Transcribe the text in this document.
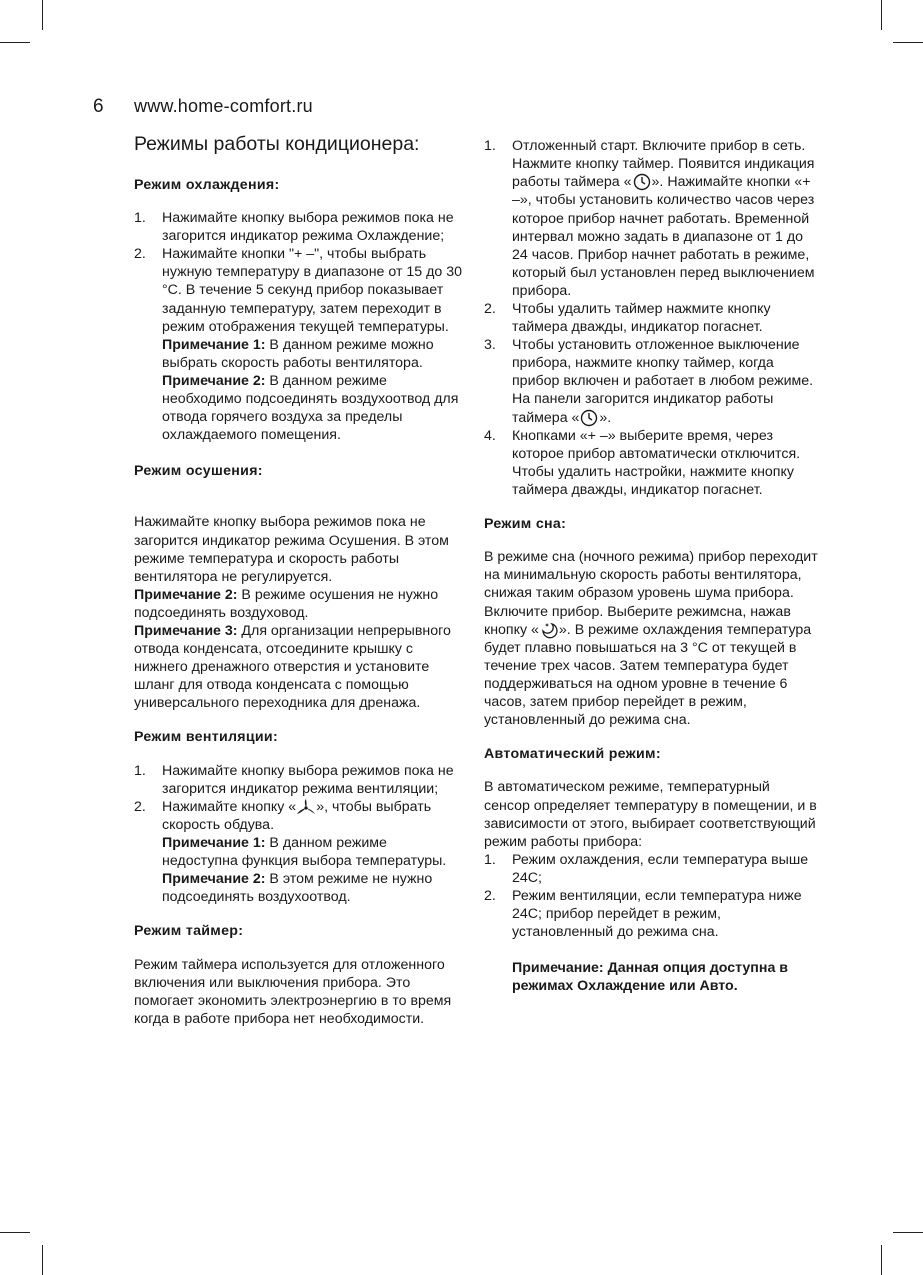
6 www.home-comfort.ru
Режимы работы кондиционера:
Режим охлаждения:
1. Нажимайте кнопку выбора режимов пока не загорится индикатор режима Охлаждение;
2. Нажимайте кнопки "+ –", чтобы выбрать нужную температуру в диапазоне от 15 до 30 °С. В течение 5 секунд прибор показывает заданную температуру, затем переходит в режим отображения текущей температуры.

Примечание 1: В данном режиме можно выбрать скорость работы вентилятора.

Примечание 2: В данном режиме необходимо подсоединять воздухоотвод для отвода горячего воздуха за пределы охлаждаемого помещения.

Режим осушения:

Нажимайте кнопку выбора режимов пока не загорится индикатор режима Осушения. В этом режиме температура и скорость работы вентилятора не регулируется.

Примечание 2: В режиме осушения не нужно подсоединять воздуховод.

Примечание 3: Для организации непрерывного отвода конденсата, отсоедините крышку с нижнего дренажного отверстия и установите шланг для отвода конденсата с помощью универсального переходника для дренажа.

Режим вентиляции:
1. Нажимайте кнопку выбора режимов пока не загорится индикатор режима вентиляции;
2. Нажимайте кнопку « », чтобы выбрать скорость обдува.

Примечание 1: В данном режиме недоступна функция выбора температуры.

Примечание 2: В этом режиме не нужно подсоединять воздухоотвод.

Режим таймер:

Режим таймера используется для отложенного включения или выключения прибора. Это помогает экономить электроэнергию в то время когда в работе прибора нет необходимости.

1. Отложенный старт. Включите прибор в сеть. Нажмите кнопку таймер. Появится индикация работы таймера « ». Нажимайте кнопки «+ –», чтобы установить количество часов через которое прибор начнет работать. Временной интервал можно задать в диапазоне от 1 до 24 часов. Прибор начнет работать в режиме, который был установлен перед выключением прибора.
2. Чтобы удалить таймер нажмите кнопку таймера дважды, индикатор погаснет.
3. Чтобы установить отложенное выключение прибора, нажмите кнопку таймер, когда прибор включен и работает в любом режиме. На панели загорится индикатор работы таймера « ».
4. Кнопками «+ –» выберите время, через которое прибор автоматически отключится. Чтобы удалить настройки, нажмите кнопку таймера дважды, индикатор погаснет.
Режим сна:

В режиме сна (ночного режима) прибор переходит на минимальную скорость работы вентилятора, снижая таким образом уровень шума прибора.

Включите прибор. Выберите режимсна, нажав кнопку « ». В режиме охлаждения температура будет плавно повышаться на 3 °С от текущей в течение трех часов. Затем температура будет поддерживаться на одном уровне в течение 6 часов, затем прибор перейдет в режим, установленный до режима сна.

Автоматический режим:

В автоматическом режиме, температурный сенсор определяет температуру в помещении, и в зависимости от этого, выбирает соответствующий режим работы прибора:

1. Режим охлаждения, если температура выше 24С;
2. Режим вентиляции, если температура ниже 24С; прибор перейдет в режим, установленный до режима сна.

Примечание: Данная опция доступна в режимах Охлаждение или Авто.
